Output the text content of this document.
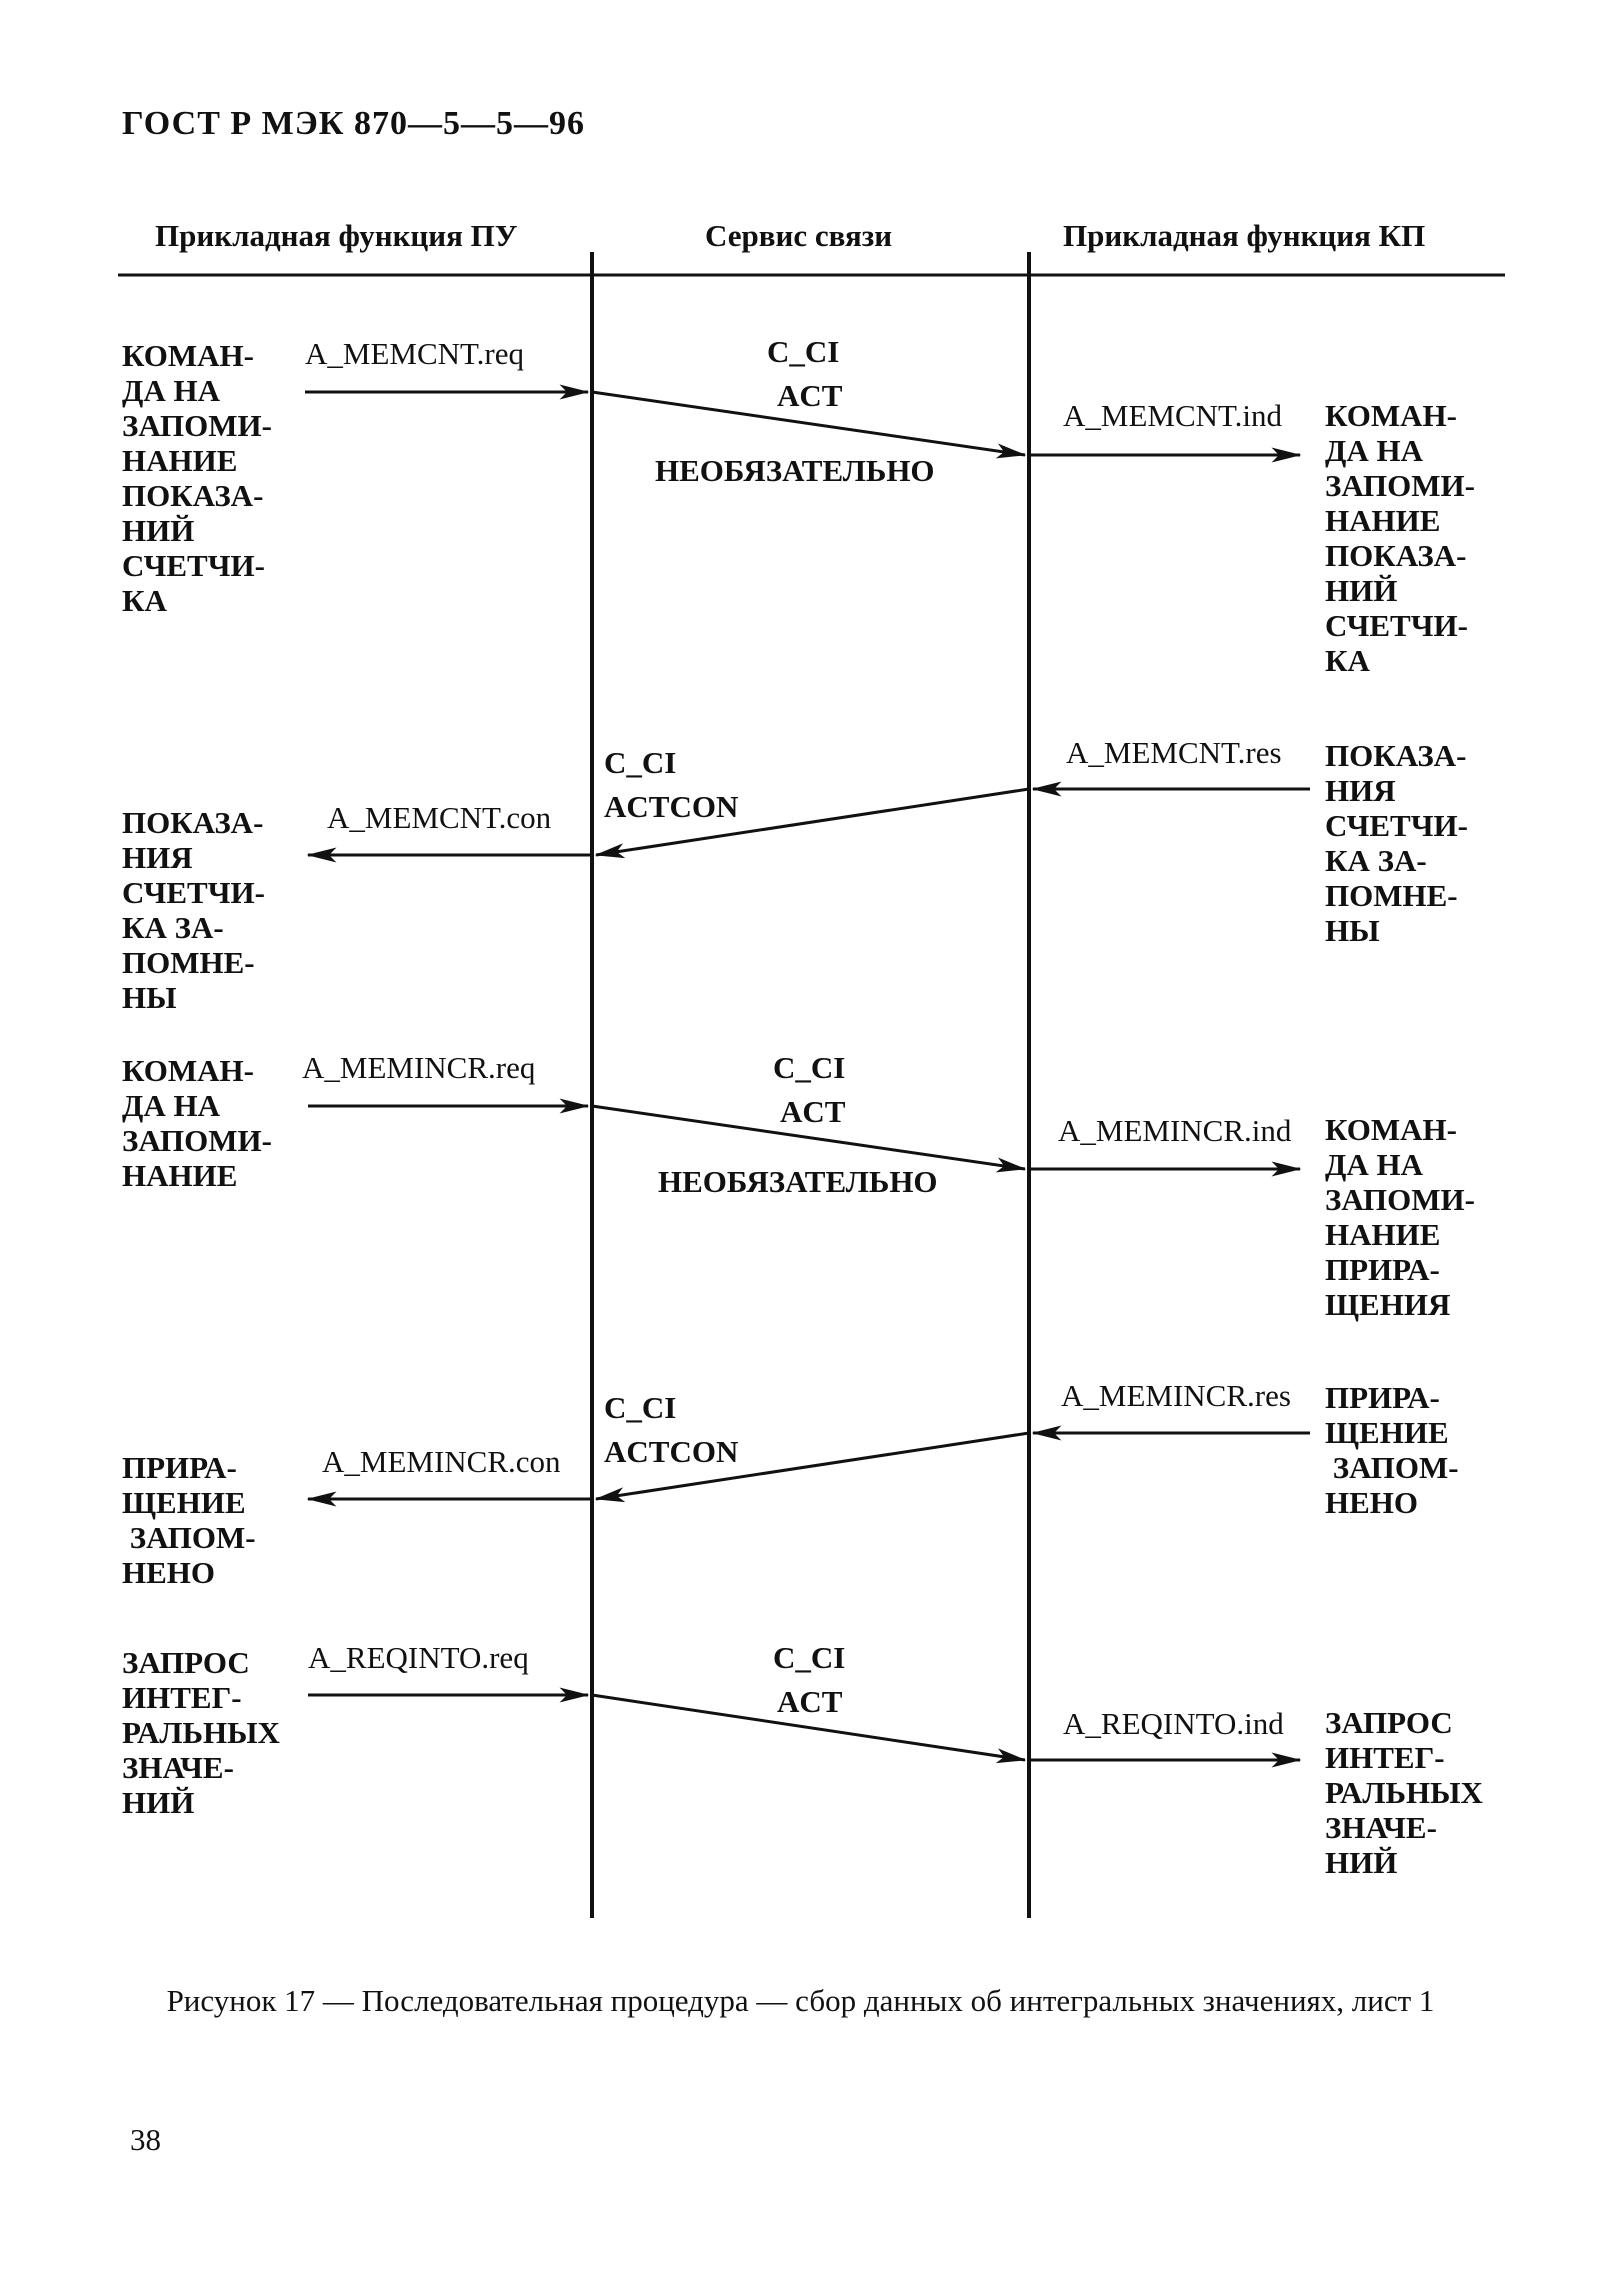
ГОСТ Р МЭК 870—5—5—96
Прикладная функция ПУ	Сервис связи	Прикладная функция КП
КОМАН-
ДА НА
ЗАПОМИ-
НАНИЕ
ПОКАЗА-
НИЙ
СЧЕТЧИ-
КА
A_MEMCNT.req	C_CI
ACT
НЕОБЯЗАТЕЛЬНО
A_MEMCNT.ind КОМАН-
ДА НА
ЗАПОМИ-
НАНИЕ
ПОКАЗА-
НИЙ
СЧЕТЧИ-
КА
A_MEMCNT.res ПОКАЗА-
НИЯ
СЧЕТЧИ-
КА ЗА-
ПОМНЕ-
НЫ
C_CI
ACTCON
A_MEMCNT.con
ПОКАЗА-
НИЯ
СЧЕТЧИ-
КА ЗА-
ПОМНЕ-
НЫ
КОМАН-
ДА НА
ЗАПОМИ-
НАНИЕ
A_MEMINCR.req	C_CI
ACT
НЕОБЯЗАТЕЛЬНО
A_MEMINCR.ind КОМАН-
ДА НА
ЗАПОМИ-
НАНИЕ
ПРИРА-
ЩЕНИЯ
A_MEMINCR.res ПРИРА-
ЩЕНИЕ
ЗАПОМ-
НЕНО
C_CI
ACTCON
A_MEMINCR.con
ПРИРА-
ЩЕНИЕ
ЗАПОМ-
НЕНО
ЗАПРОС
ИНТЕГ-
РАЛЬНЫХ
ЗНАЧЕ-
НИЙ
A_REQINTO.req	C_CI
ACT
A_REQINTO.ind ЗАПРОС
ИНТЕГ-
РАЛЬНЫХ
ЗНАЧЕ-
НИЙ
Рисунок 17 — Последовательная процедура — сбор данных об интегральных значениях, лист 1
38
